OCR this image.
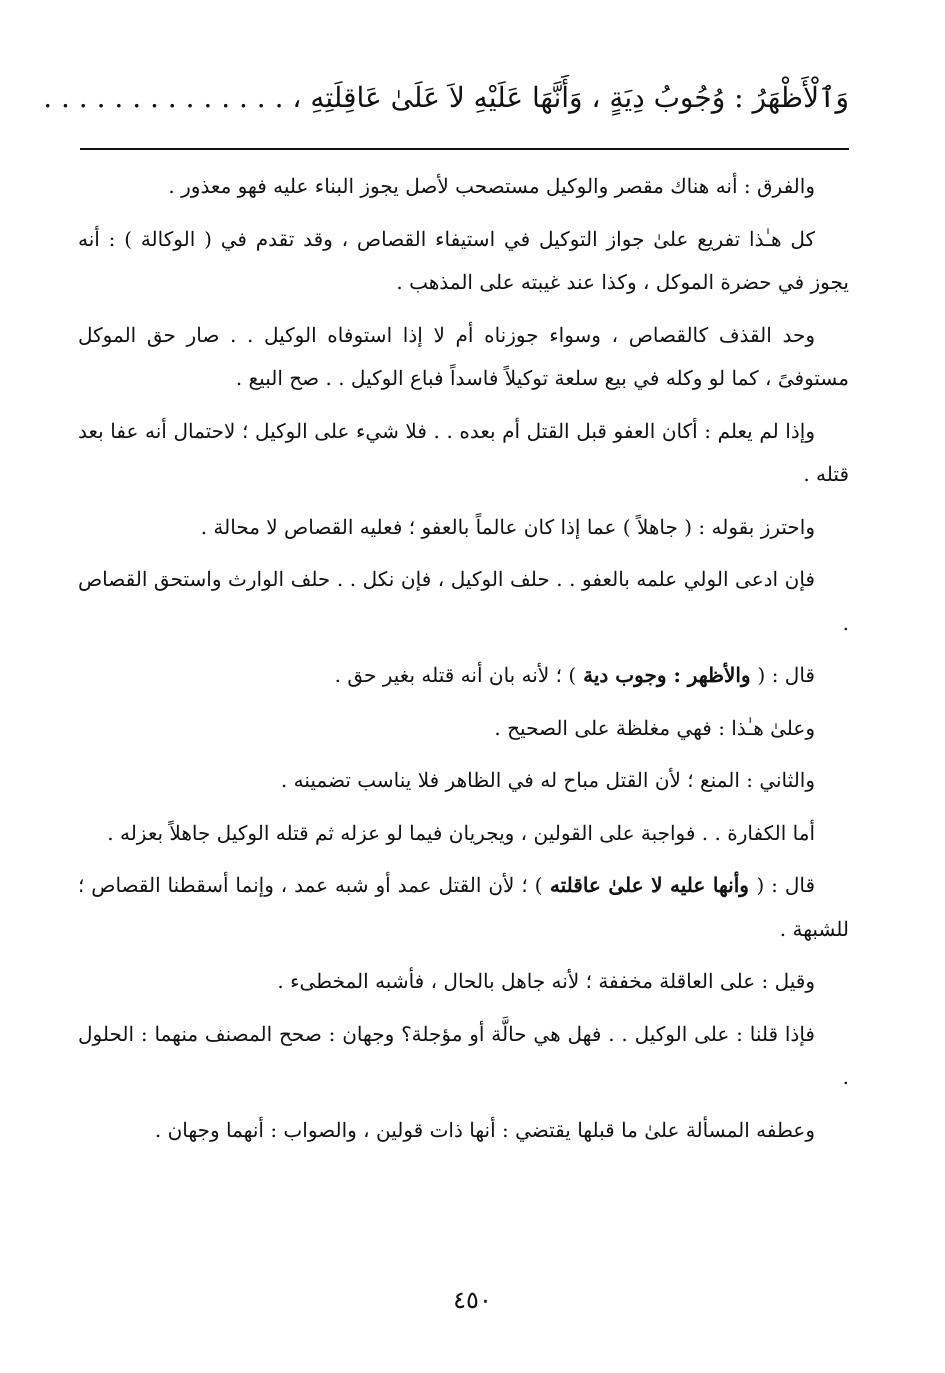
وَٱلْأَظْهَرُ : وُجُوبُ دِيَةٍ ، وَأَنَّهَا عَلَيْهِ لاَ عَلَىٰ عَاقِلَتِهِ ، . . . . . . . . . . . . . .

والفرق : أنه هناك مقصر والوكيل مستصحب لأصل يجوز البناء عليه فهو معذور .

كل هـٰذا تفريع علىٰ جواز التوكيل في استيفاء القصاص ، وقد تقدم في ( الوكالة ) : أنه يجوز في حضرة الموكل ، وكذا عند غيبته على المذهب .

وحد القذف كالقصاص ، وسواء جوزناه أم لا إذا استوفاه الوكيل . . صار حق الموكل مستوفىً ، كما لو وكله في بيع سلعة توكيلاً فاسداً فباع الوكيل . . صح البيع .

وإذا لم يعلم : أكان العفو قبل القتل أم بعده . . فلا شيء على الوكيل ؛ لاحتمال أنه عفا بعد قتله .

واحترز بقوله : ( جاهلاً ) عما إذا كان عالماً بالعفو ؛ فعليه القصاص لا محالة .

فإن ادعى الولي علمه بالعفو . . حلف الوكيل ، فإن نكل . . حلف الوارث واستحق القصاص .

قال : ( والأظهر : وجوب دية ) ؛ لأنه بان أنه قتله بغير حق .

وعلىٰ هـٰذا : فهي مغلظة على الصحيح .

والثاني : المنع ؛ لأن القتل مباح له في الظاهر فلا يناسب تضمينه .

أما الكفارة . . فواجبة على القولين ، ويجريان فيما لو عزله ثم قتله الوكيل جاهلاً بعزله .

قال : ( وأنها عليه لا علىٰ عاقلته ) ؛ لأن القتل عمد أو شبه عمد ، وإنما أسقطنا القصاص ؛ للشبهة .

وقيل : على العاقلة مخففة ؛ لأنه جاهل بالحال ، فأشبه المخطىء .

فإذا قلنا : على الوكيل . . فهل هي حالَّة أو مؤجلة؟ وجهان : صحح المصنف منهما : الحلول .

وعطفه المسألة علىٰ ما قبلها يقتضي : أنها ذات قولين ، والصواب : أنهما وجهان .

٤٥٠
